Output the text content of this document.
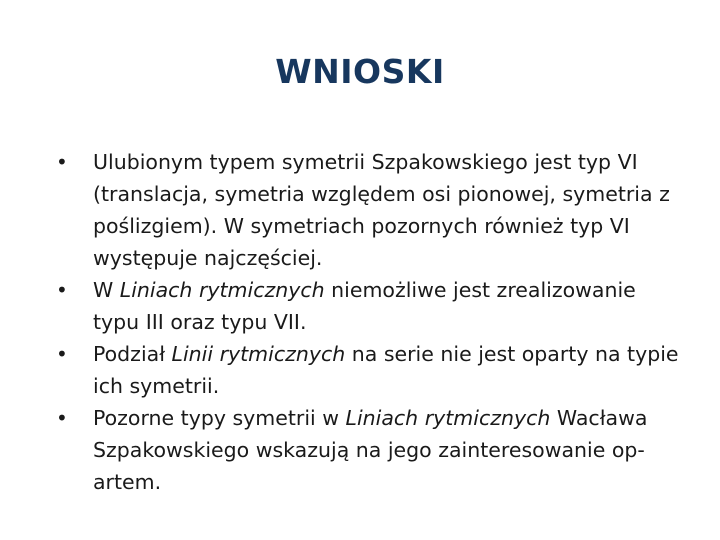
WNIOSKI
•	Ulubionym typem symetrii Szpakowskiego jest typ VI (translacja, symetria względem osi pionowej, symetria z poślizgiem). W symetriach pozornych również typ VI występuje najczęściej.
•	W Liniach rytmicznych niemożliwe jest zrealizowanie typu III oraz typu VII.
•	Podział Linii rytmicznych na serie nie jest oparty na typie ich symetrii.
•	Pozorne typy symetrii w Liniach rytmicznych Wacława Szpakowskiego wskazują na jego zainteresowanie op-artem.
